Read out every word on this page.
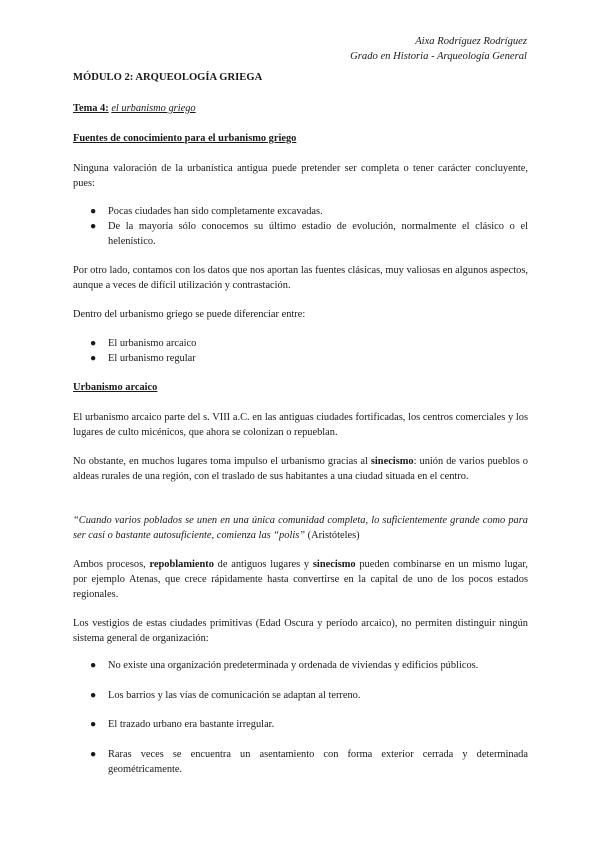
Aixa Rodríguez Rodríguez
Grado en Historia - Arqueología General

MÓDULO 2: ARQUEOLOGÍA GRIEGA

Tema 4: el urbanismo griego

Fuentes de conocimiento para el urbanismo griego

Ninguna valoración de la urbanística antigua puede pretender ser completa o tener carácter concluyente, pues:

● Pocas ciudades han sido completamente excavadas.
● De la mayoría sólo conocemos su último estadio de evolución, normalmente el clásico o el helenístico.

Por otro lado, contamos con los datos que nos aportan las fuentes clásicas, muy valiosas en algunos aspectos, aunque a veces de difícil utilización y contrastación.

Dentro del urbanismo griego se puede diferenciar entre:

● El urbanismo arcaico
● El urbanismo regular

Urbanismo arcaico

El urbanismo arcaico parte del s. VIII a.C. en las antiguas ciudades fortificadas, los centros comerciales y los lugares de culto micénicos, que ahora se colonizan o repueblan.

No obstante, en muchos lugares toma impulso el urbanismo gracias al sinecismo: unión de varios pueblos o aldeas rurales de una región, con el traslado de sus habitantes a una ciudad situada en el centro.

“Cuando varios poblados se unen en una única comunidad completa, lo suficientemente grande como para ser casi o bastante autosuficiente, comienza las “polis” (Aristóteles)

Ambos procesos, repoblamiento de antiguos lugares y sinecismo pueden combinarse en un mismo lugar, por ejemplo Atenas, que crece rápidamente hasta convertirse en la capital de uno de los pocos estados regionales.

Los vestigios de estas ciudades primitivas (Edad Oscura y período arcaico), no permiten distinguir ningún sistema general de organización:

● No existe una organización predeterminada y ordenada de viviendas y edificios públicos.
● Los barrios y las vías de comunicación se adaptan al terreno.
● El trazado urbano era bastante irregular.
● Raras veces se encuentra un asentamiento con forma exterior cerrada y determinada geométricamente.
